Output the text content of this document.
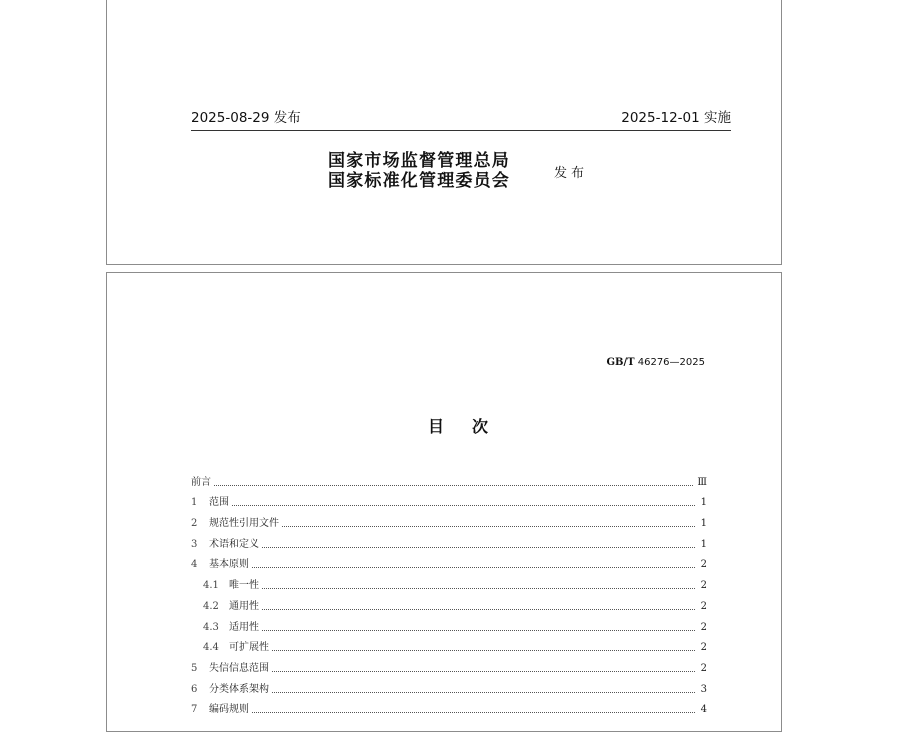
2025-08-29 发布	2025-12-01 实施
国家市场监督管理总局
国家标准化管理委员会	发布
GB/T 46276—2025
目次
前言	Ⅲ
1	范围	1
2	规范性引用文件	1
3	术语和定义	1
4	基本原则	2
4.1	唯一性	2
4.2	通用性	2
4.3	适用性	2
4.4	可扩展性	2
5	失信信息范围	2
6	分类体系架构	3
7	编码规则	4
